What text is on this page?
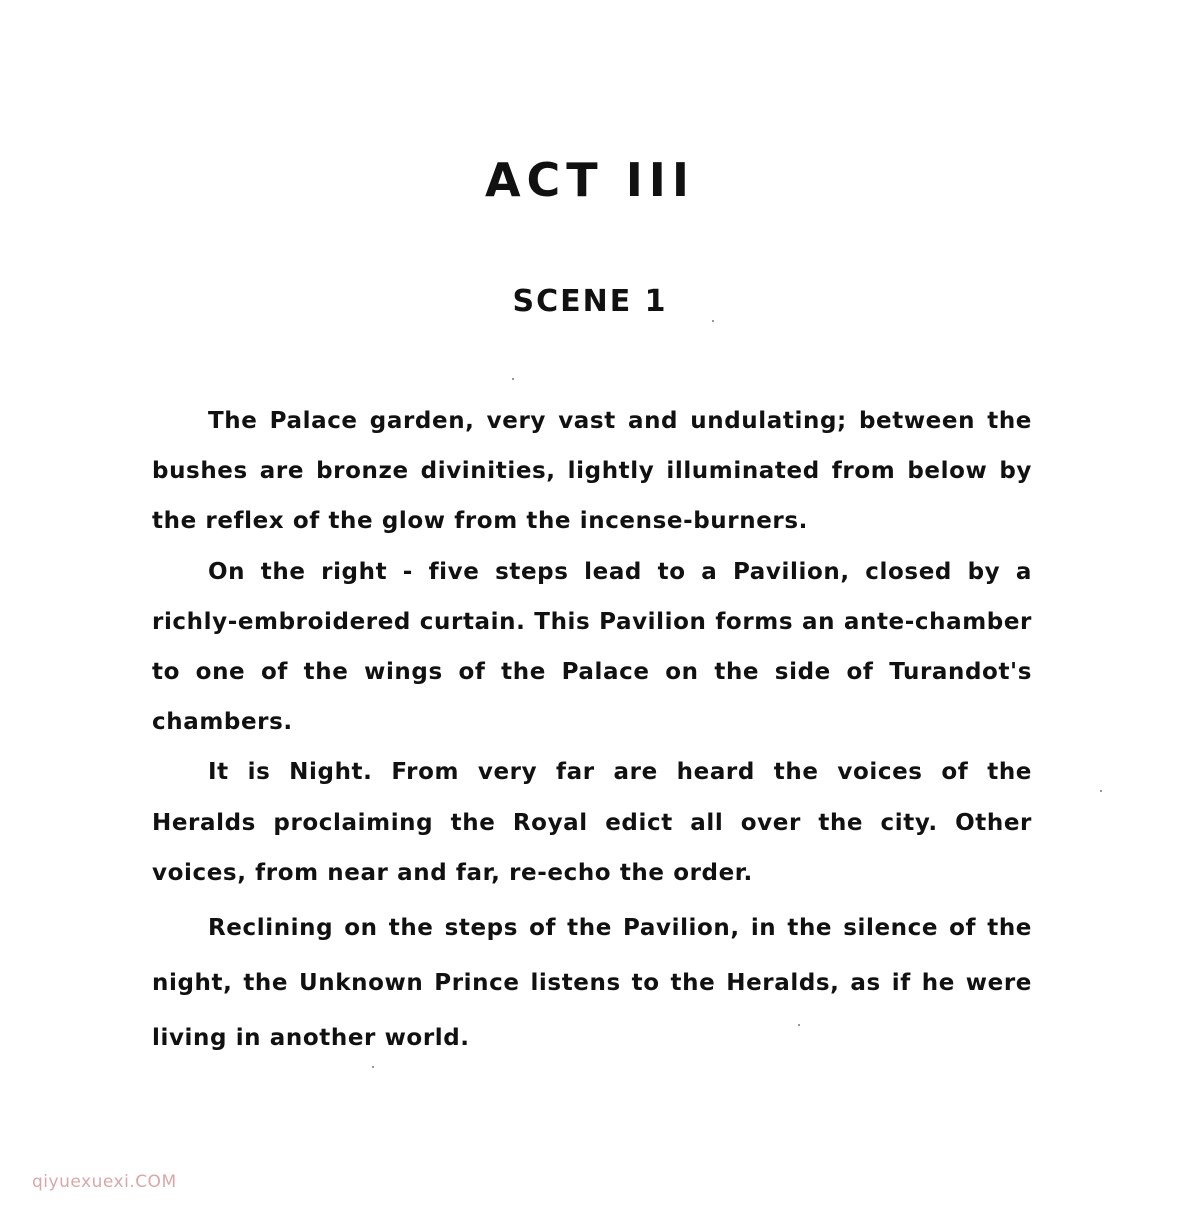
ACT III
SCENE 1

The Palace garden, very vast and undulating; between the bushes are bronze divinities, lightly illuminated from below by the reflex of the glow from the incense-burners.

On the right - five steps lead to a Pavilion, closed by a richly-embroidered curtain. This Pavilion forms an ante-chamber to one of the wings of the Palace on the side of Turandot's chambers.

It is Night. From very far are heard the voices of the Heralds proclaiming the Royal edict all over the city. Other voices, from near and far, re-echo the order.

Reclining on the steps of the Pavilion, in the silence of the night, the Unknown Prince listens to the Heralds, as if he were living in another world.

qiyuexuexi.COM
